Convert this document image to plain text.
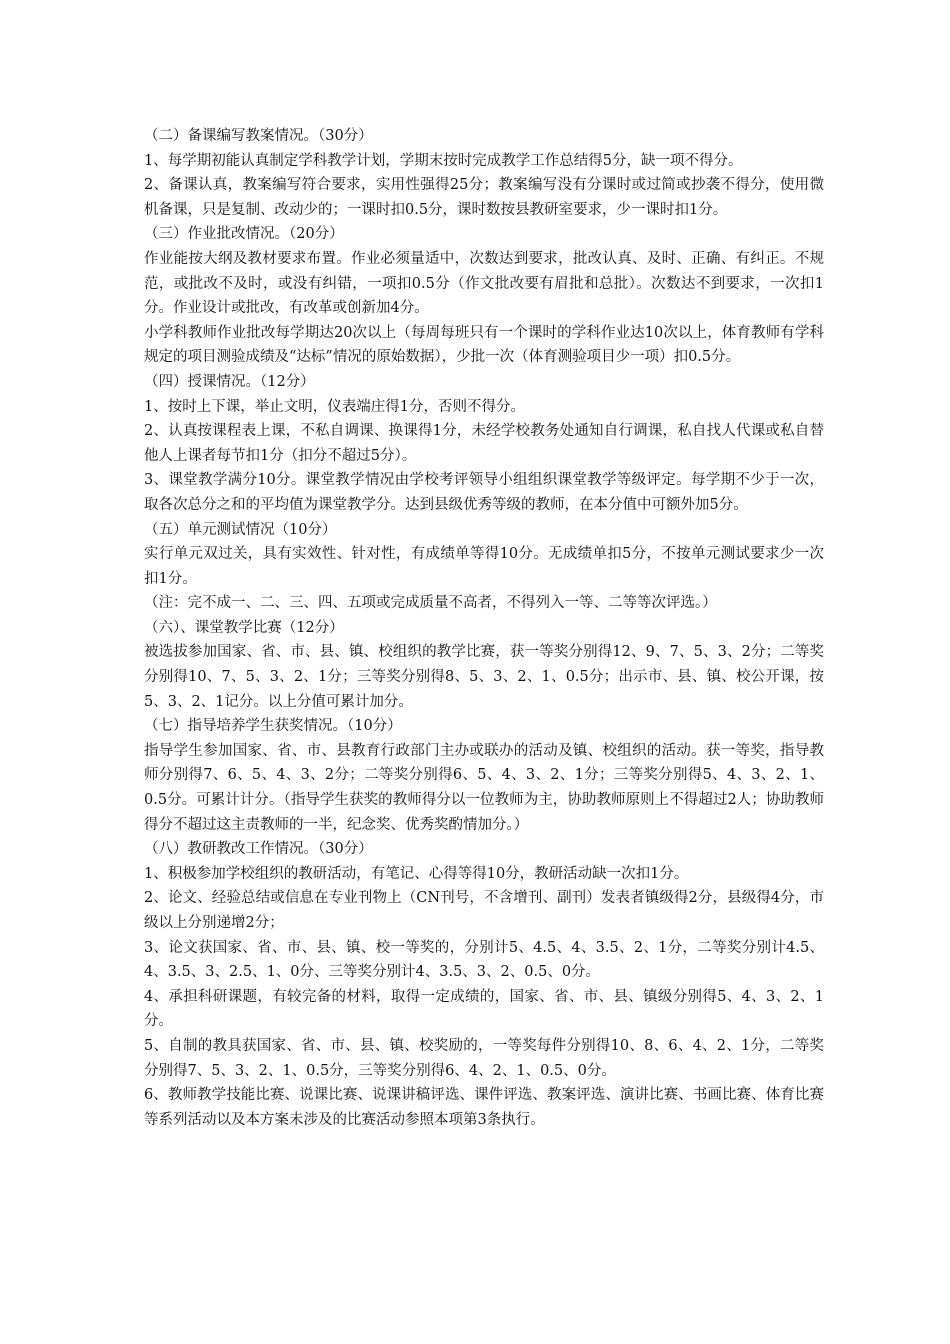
（二）备课编写教案情况。（30分）

1、每学期初能认真制定学科教学计划，学期末按时完成教学工作总结得5分，缺一项不得分。

2、备课认真，教案编写符合要求，实用性强得25分；教案编写没有分课时或过简或抄袭不得分，使用微机备课，只是复制、改动少的；一课时扣0.5分，课时数按县教研室要求，少一课时扣1分。

（三）作业批改情况。（20分）

作业能按大纲及教材要求布置。作业必须量适中，次数达到要求，批改认真、及时、正确、有纠正。不规范，或批改不及时，或没有纠错，一项扣0.5分（作文批改要有眉批和总批）。次数达不到要求，一次扣1分。作业设计或批改，有改革或创新加4分。

小学科教师作业批改每学期达20次以上（每周每班只有一个课时的学科作业达10次以上，体育教师有学科规定的项目测验成绩及“达标”情况的原始数据），少批一次（体育测验项目少一项）扣0.5分。

（四）授课情况。（12分）

1、按时上下课，举止文明，仪表端庄得1分，否则不得分。

2、认真按课程表上课，不私自调课、换课得1分，未经学校教务处通知自行调课，私自找人代课或私自替他人上课者每节扣1分（扣分不超过5分）。

3、课堂教学满分10分。课堂教学情况由学校考评领导小组组织课堂教学等级评定。每学期不少于一次，取各次总分之和的平均值为课堂教学分。达到县级优秀等级的教师，在本分值中可额外加5分。

（五）单元测试情况（10分）

实行单元双过关，具有实效性、针对性，有成绩单等得10分。无成绩单扣5分，不按单元测试要求少一次扣1分。

（注：完不成一、二、三、四、五项或完成质量不高者，不得列入一等、二等等次评选。）

（六）、课堂教学比赛（12分）

被选拔参加国家、省、市、县、镇、校组织的教学比赛，获一等奖分别得12、9、7、5、3、2分；二等奖分别得10、7、5、3、2、1分；三等奖分别得8、5、3、2、1、0.5分；出示市、县、镇、校公开课，按5、3、2、1记分。以上分值可累计加分。

（七）指导培养学生获奖情况。（10分）

指导学生参加国家、省、市、县教育行政部门主办或联办的活动及镇、校组织的活动。获一等奖，指导教师分别得7、6、5、4、3、2分；二等奖分别得6、5、4、3、2、1分；三等奖分别得5、4、3、2、1、0.5分。可累计计分。（指导学生获奖的教师得分以一位教师为主，协助教师原则上不得超过2人；协助教师得分不超过这主责教师的一半，纪念奖、优秀奖酌情加分。）

（八）教研教改工作情况。（30分）

1、积极参加学校组织的教研活动，有笔记、心得等得10分，教研活动缺一次扣1分。

2、论文、经验总结或信息在专业刊物上（CN刊号，不含增刊、副刊）发表者镇级得2分，县级得4分，市级以上分别递增2分；

3、论文获国家、省、市、县、镇、校一等奖的，分别计5、4.5、4、3.5、2、1分，二等奖分别计4.5、4、3.5、3、2.5、1、0分、三等奖分别计4、3.5、3、2、0.5、0分。

4、承担科研课题，有较完备的材料，取得一定成绩的，国家、省、市、县、镇级分别得5、4、3、2、1 分。

5、自制的教具获国家、省、市、县、镇、校奖励的，一等奖每件分别得10、8、6、4、2、1分，二等奖分别得7、5、3、2、1、0.5分，三等奖分别得6、4、2、1、0.5、0分。

6、教师教学技能比赛、说课比赛、说课讲稿评选、课件评选、教案评选、演讲比赛、书画比赛、体育比赛等系列活动以及本方案未涉及的比赛活动参照本项第3条执行。
